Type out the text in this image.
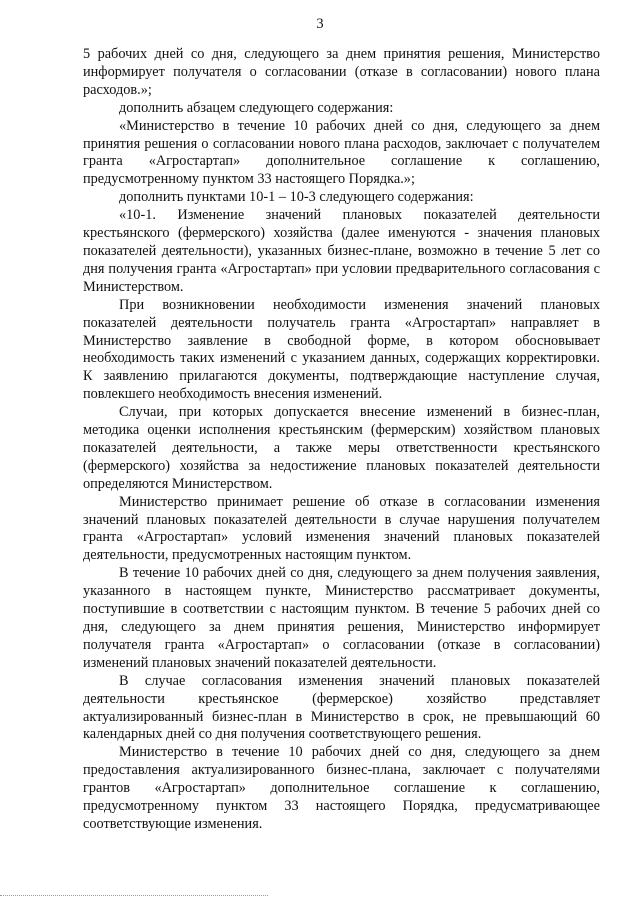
3

5 рабочих дней со дня, следующего за днем принятия решения, Министерство информирует получателя о согласовании (отказе в согласовании) нового плана расходов.»;

дополнить абзацем следующего содержания:

«Министерство в течение 10 рабочих дней со дня, следующего за днем принятия решения о согласовании нового плана расходов, заключает с получателем гранта «Агростартап» дополнительное соглашение к соглашению, предусмотренному пунктом 33 настоящего Порядка.»;

дополнить пунктами 10-1 – 10-3 следующего содержания:

«10-1. Изменение значений плановых показателей деятельности крестьянского (фермерского) хозяйства (далее именуются - значения плановых показателей деятельности), указанных бизнес-плане, возможно в течение 5 лет со дня получения гранта «Агростартап» при условии предварительного согласования с Министерством.

При возникновении необходимости изменения значений плановых показателей деятельности получатель гранта «Агростартап» направляет в Министерство заявление в свободной форме, в котором обосновывает необходимость таких изменений с указанием данных, содержащих корректировки. К заявлению прилагаются документы, подтверждающие наступление случая, повлекшего необходимость внесения изменений.

Случаи, при которых допускается внесение изменений в бизнес-план, методика оценки исполнения крестьянским (фермерским) хозяйством плановых показателей деятельности, а также меры ответственности крестьянского (фермерского) хозяйства за недостижение плановых показателей деятельности определяются Министерством.

Министерство принимает решение об отказе в согласовании изменения значений плановых показателей деятельности в случае нарушения получателем гранта «Агростартап» условий изменения значений плановых показателей деятельности, предусмотренных настоящим пунктом.

В течение 10 рабочих дней со дня, следующего за днем получения заявления, указанного в настоящем пункте, Министерство рассматривает документы, поступившие в соответствии с настоящим пунктом. В течение 5 рабочих дней со дня, следующего за днем принятия решения, Министерство информирует получателя гранта «Агростартап» о согласовании (отказе в согласовании) изменений плановых значений показателей деятельности.

В случае согласования изменения значений плановых показателей деятельности крестьянское (фермерское) хозяйство представляет актуализированный бизнес-план в Министерство в срок, не превышающий 60 календарных дней со дня получения соответствующего решения.

Министерство в течение 10 рабочих дней со дня, следующего за днем предоставления актуализированного бизнес-плана, заключает с получателями грантов «Агростартап» дополнительное соглашение к соглашению, предусмотренному пунктом 33 настоящего Порядка, предусматривающее соответствующие изменения.
